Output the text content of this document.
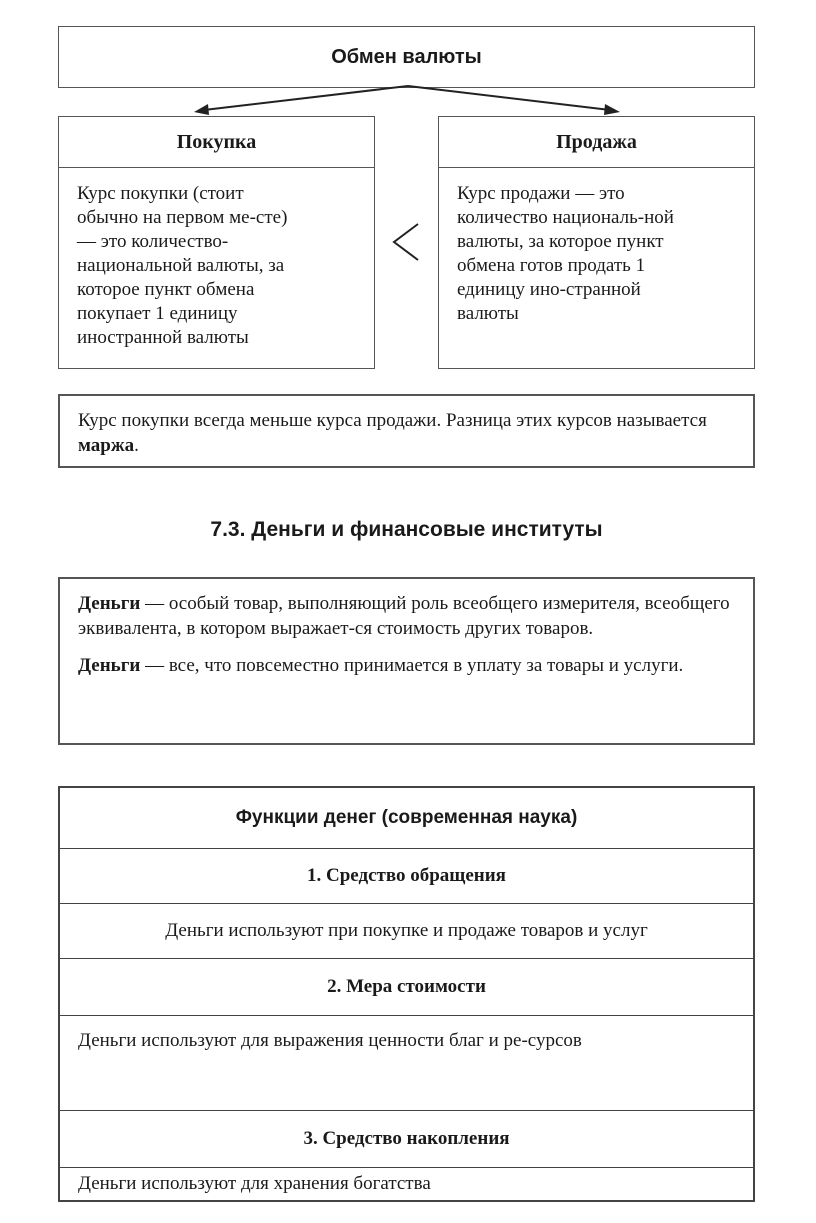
Обмен валюты
Покупка
Курс покупки (стоит
обычно на первом ме-сте)
— это количество-
национальной валюты, за
которое пункт обмена
покупает 1 единицу
иностранной валюты
Продажа
Курс продажи — это
количество националь-ной
валюты, за которое пункт
обмена готов продать 1
единицу ино-странной
валюты
Курс покупки всегда меньше курса продажи. Разница этих курсов называется маржа.
7.3. Деньги и финансовые институты

Деньги — особый товар, выполняющий роль всеобщего измерителя, всеобщего эквивалента, в котором выражает-ся стоимость других товаров.

Деньги — все, что повсеместно принимается в уплату за товары и услуги.

Функции денег (современная наука)
1. Средство обращения
Деньги используют при покупке и продаже товаров и услуг
2. Мера стоимости
Деньги используют для выражения ценности благ и ре-сурсов
3. Средство накопления
Деньги используют для хранения богатства
